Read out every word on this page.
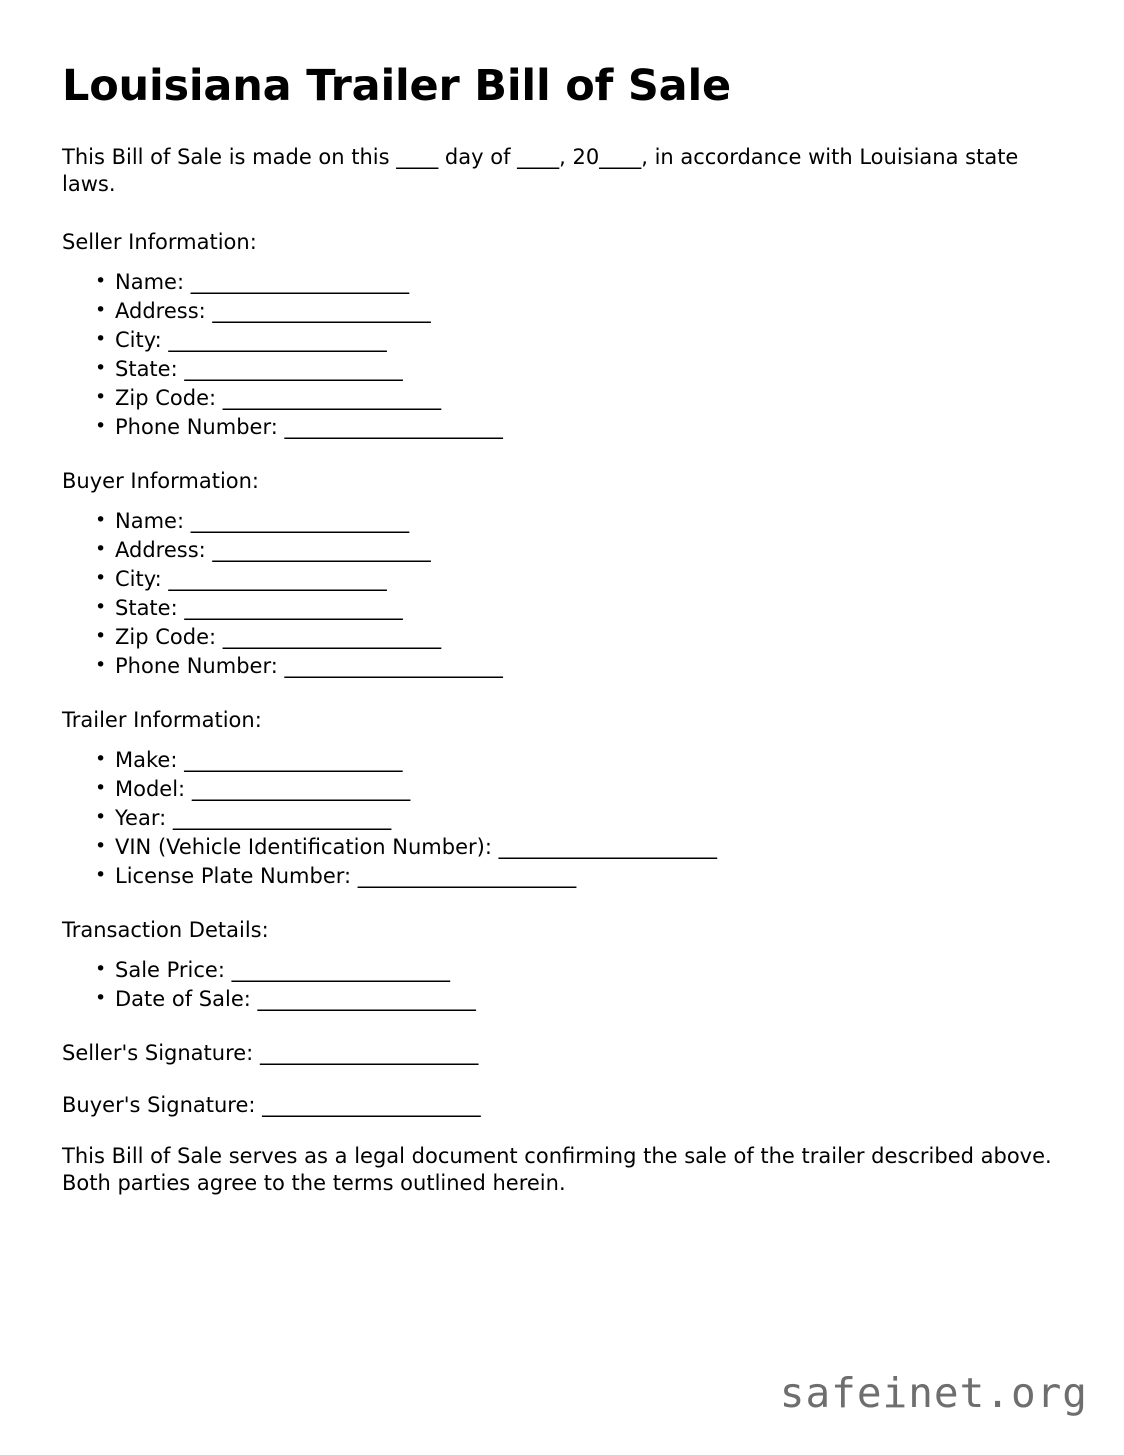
Louisiana Trailer Bill of Sale

This Bill of Sale is made on this ____ day of ____, 20____, in accordance with Louisiana state laws.

Seller Information:
• Name: ______________________
• Address: ______________________
• City: ______________________
• State: ______________________
• Zip Code: ______________________
• Phone Number: ______________________
Buyer Information:
• Name: ______________________
• Address: ______________________
• City: ______________________
• State: ______________________
• Zip Code: ______________________
• Phone Number: ______________________
Trailer Information:
• Make: ______________________
• Model: ______________________
• Year: ______________________
• VIN (Vehicle Identification Number): ______________________
• License Plate Number: ______________________
Transaction Details:
• Sale Price: ______________________
• Date of Sale: ______________________
Seller's Signature: ______________________
Buyer's Signature: ______________________

This Bill of Sale serves as a legal document confirming the sale of the trailer described above. Both parties agree to the terms outlined herein.

safeinet.org
